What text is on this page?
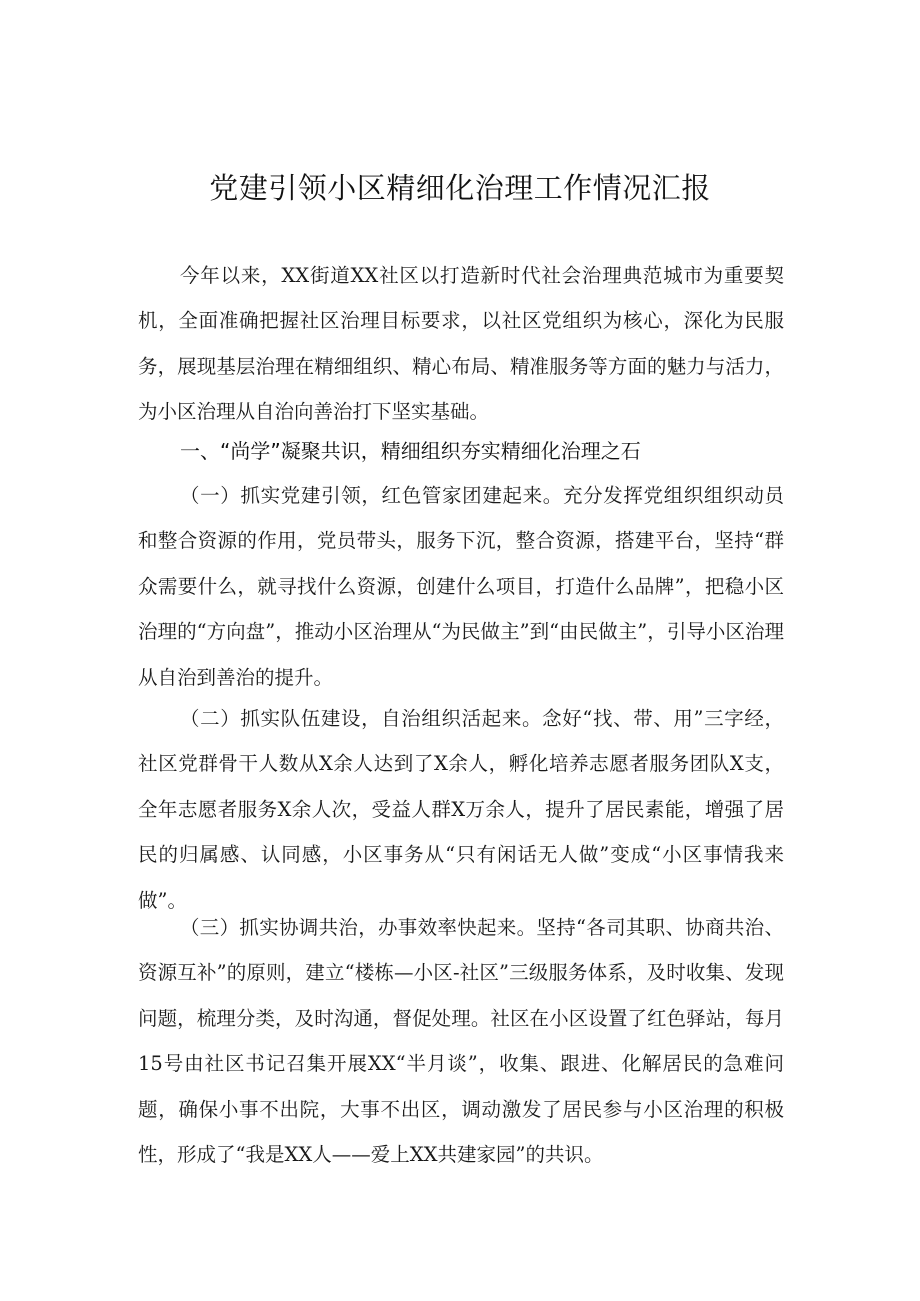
党建引领小区精细化治理工作情况汇报

今年以来，XX街道XX社区以打造新时代社会治理典范城市为重要契机，全面准确把握社区治理目标要求，以社区党组织为核心，深化为民服务，展现基层治理在精细组织、精心布局、精准服务等方面的魅力与活力，为小区治理从自治向善治打下坚实基础。

一、“尚学”凝聚共识，精细组织夯实精细化治理之石

（一）抓实党建引领，红色管家团建起来。充分发挥党组织组织动员和整合资源的作用，党员带头，服务下沉，整合资源，搭建平台，坚持“群众需要什么，就寻找什么资源，创建什么项目，打造什么品牌”，把稳小区治理的“方向盘”，推动小区治理从“为民做主”到“由民做主”，引导小区治理从自治到善治的提升。

（二）抓实队伍建设，自治组织活起来。念好“找、带、用”三字经，社区党群骨干人数从X余人达到了X余人，孵化培养志愿者服务团队X支，全年志愿者服务X余人次，受益人群X万余人，提升了居民素能，增强了居民的归属感、认同感，小区事务从“只有闲话无人做”变成“小区事情我来做”。

（三）抓实协调共治，办事效率快起来。坚持“各司其职、协商共治、资源互补”的原则，建立“楼栋—小区-社区”三级服务体系，及时收集、发现问题，梳理分类，及时沟通，督促处理。社区在小区设置了红色驿站，每月15号由社区书记召集开展XX“半月谈”，收集、跟进、化解居民的急难问题，确保小事不出院，大事不出区，调动激发了居民参与小区治理的积极性，形成了“我是XX人——爱上XX共建家园”的共识。
